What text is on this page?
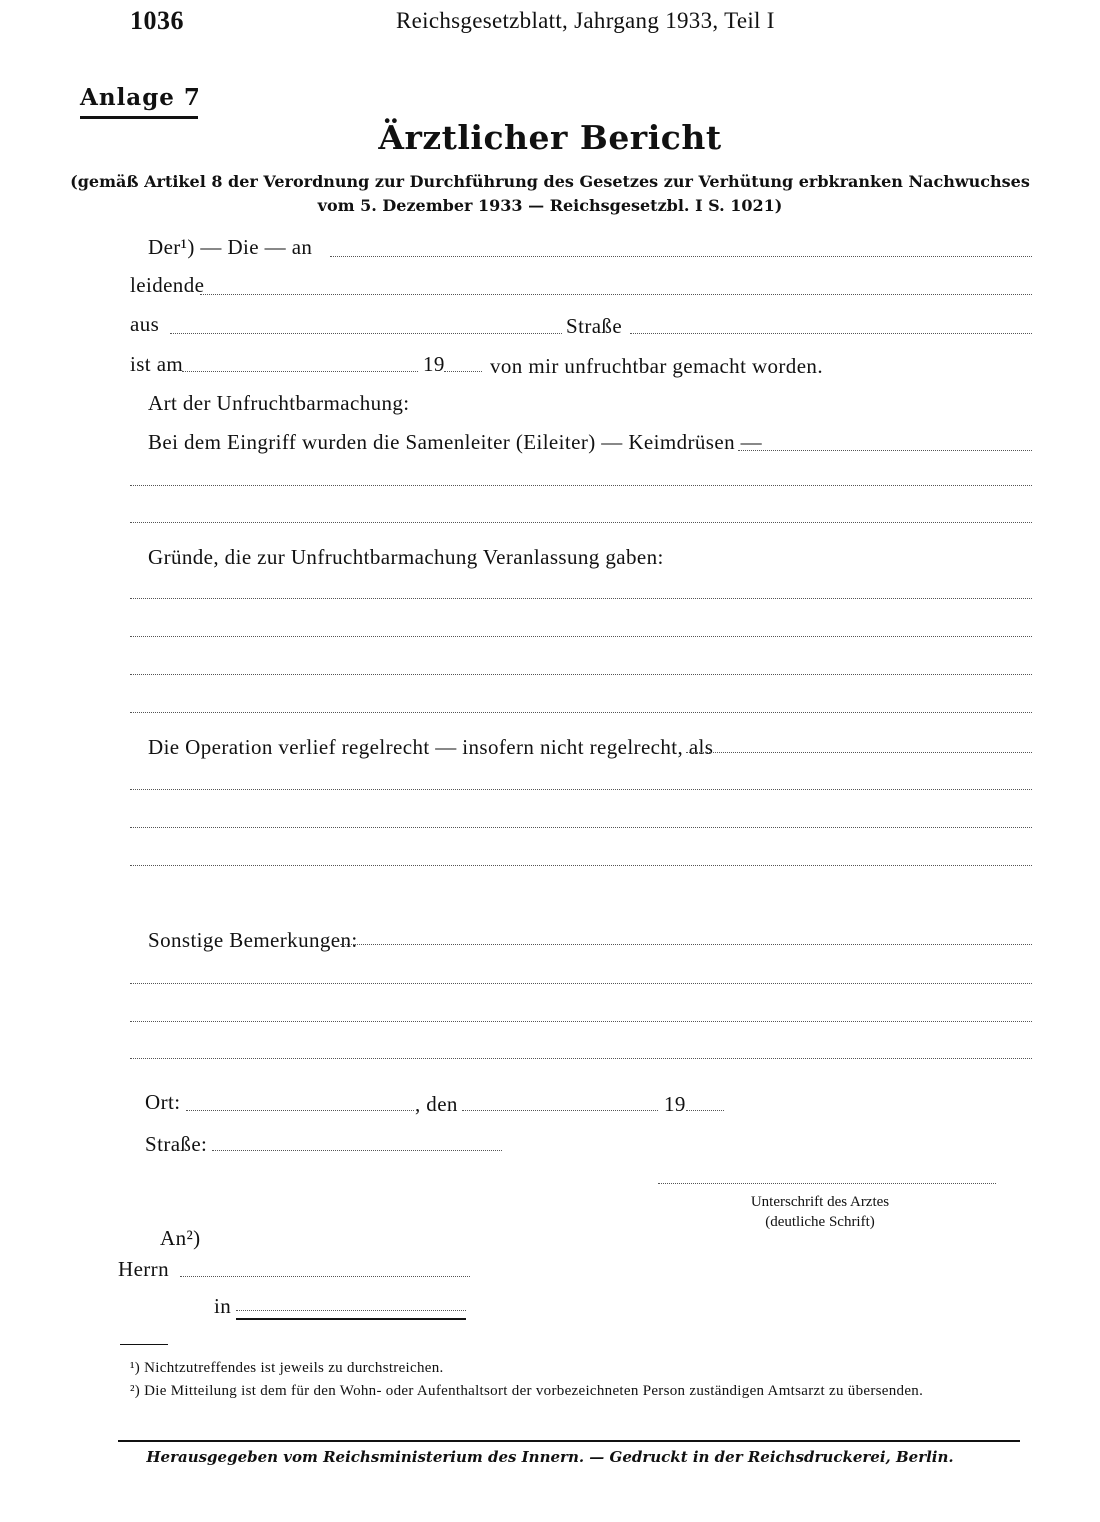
1036	Reichsgesetzblatt, Jahrgang 1933, Teil I
Anlage 7
Ärztlicher Bericht
(gemäß Artikel 8 der Verordnung zur Durchführung des Gesetzes zur Verhütung erbkranken Nachwuchses
vom 5. Dezember 1933 — Reichsgesetzbl. I S. 1021)
Der¹) — Die — an
leidende
aus	Straße
ist am	19 von mir unfruchtbar gemacht worden.
Art der Unfruchtbarmachung:
Bei dem Eingriff wurden die Samenleiter (Eileiter) — Keimdrüsen —
Gründe, die zur Unfruchtbarmachung Veranlassung gaben:
Die Operation verlief regelrecht — insofern nicht regelrecht, als
Sonstige Bemerkungen:
Ort:	, den	19
Straße:
Unterschrift des Arztes
(deutliche Schrift)
An²)
Herrn
in
¹) Nichtzutreffendes ist jeweils zu durchstreichen.
²) Die Mitteilung ist dem für den Wohn- oder Aufenthaltsort der vorbezeichneten Person zuständigen Amtsarzt zu übersenden.
Herausgegeben vom Reichsministerium des Innern. — Gedruckt in der Reichsdruckerei, Berlin.
